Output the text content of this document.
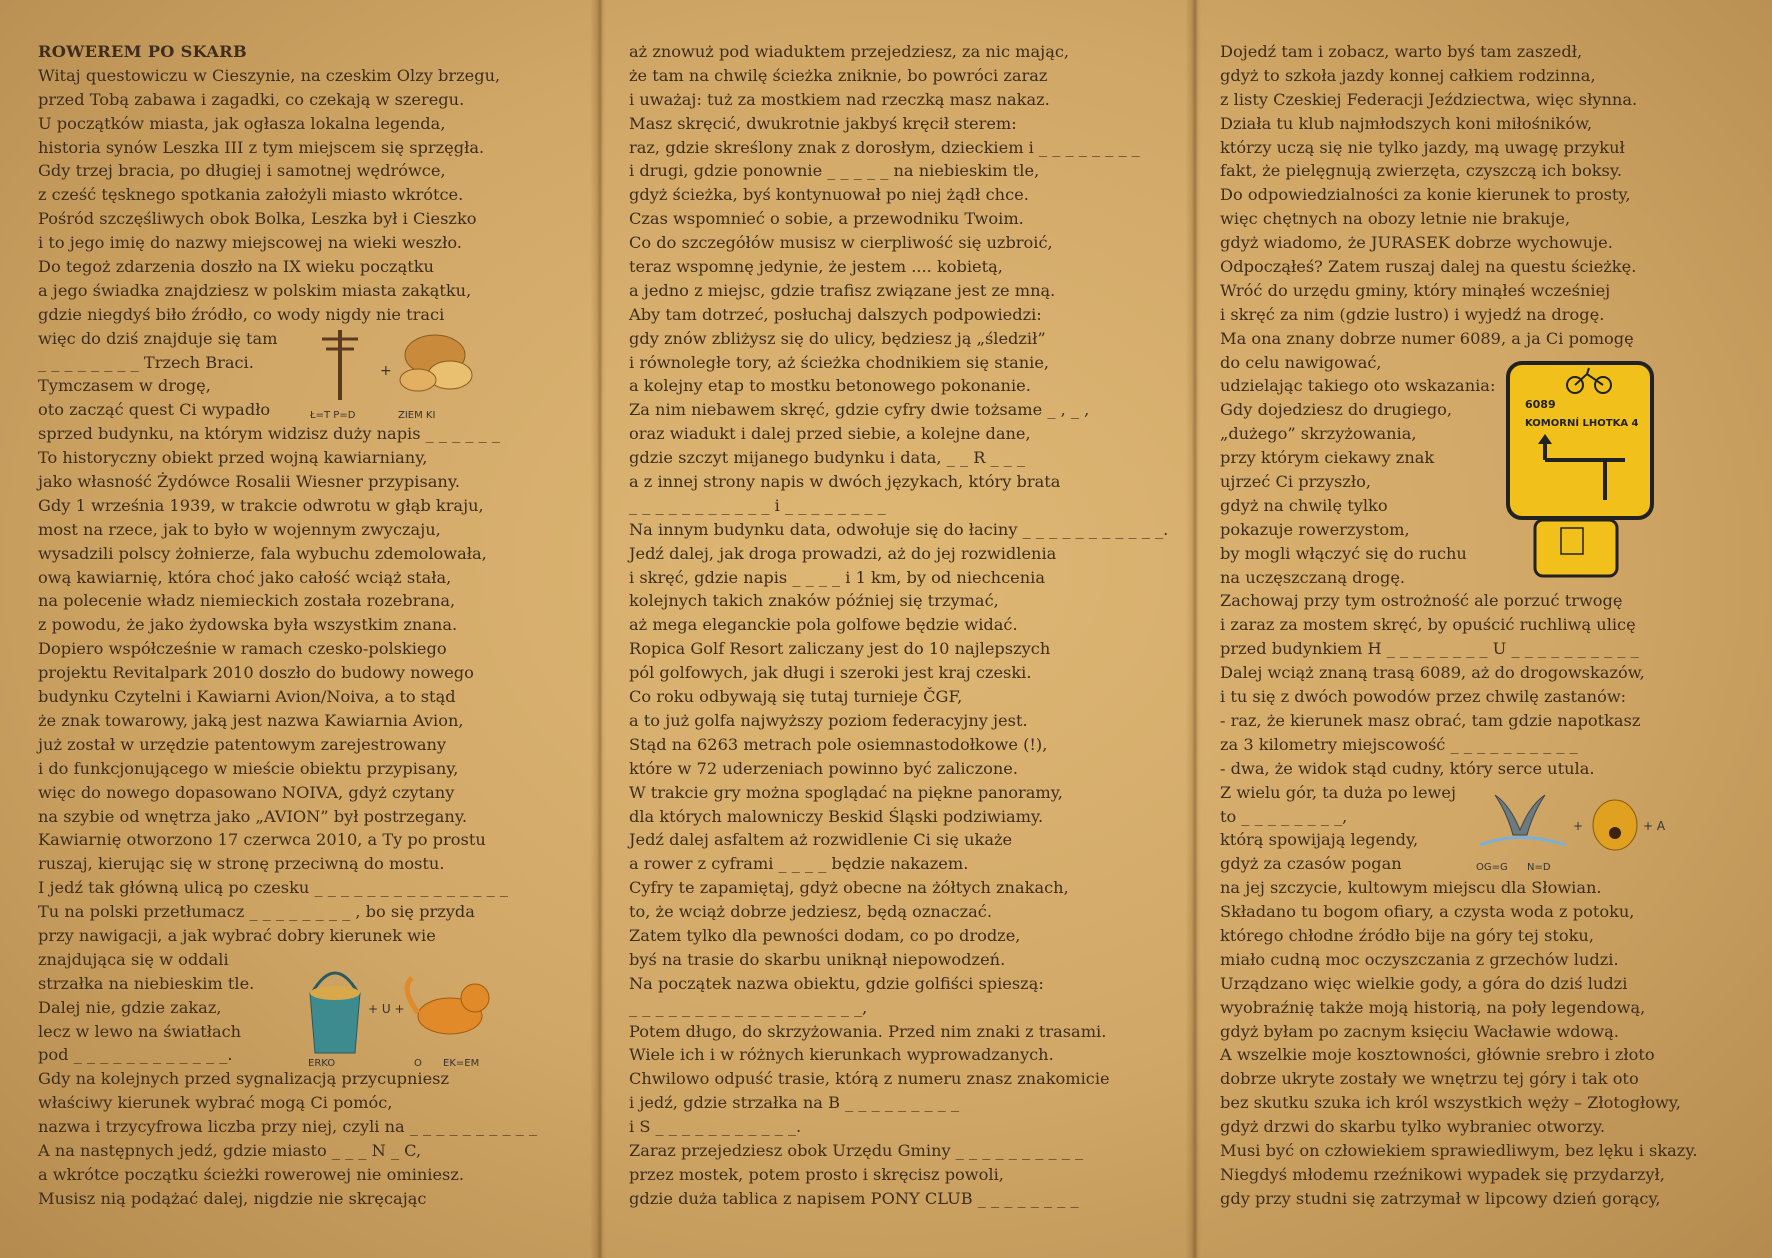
ROWEREM PO SKARB
Witaj questowiczu w Cieszynie, na czeskim Olzy brzegu,
przed Tobą zabawa i zagadki, co czekają w szeregu.
U początków miasta, jak ogłasza lokalna legenda,
historia synów Leszka III z tym miejscem się sprzęgła.
Gdy trzej bracia, po długiej i samotnej wędrówce,
z cześć tęsknego spotkania założyli miasto wkrótce.
Pośród szczęśliwych obok Bolka, Leszka był i Cieszko
i to jego imię do nazwy miejscowej na wieki weszło.
Do tegoż zdarzenia doszło na IX wieku początku
a jego świadka znajdziesz w polskim miasta zakątku,
gdzie niegdyś biło źródło, co wody nigdy nie traci
więc do dziś znajduje się tam
_ _ _ _ _ _ _ _ Trzech Braci.
Tymczasem w drogę,
oto zacząć quest Ci wypadło
sprzed budynku, na którym widzisz duży napis _ _ _ _ _ _
To historyczny obiekt przed wojną kawiarniany,
jako własność Żydówce Rosalii Wiesner przypisany.
Gdy 1 września 1939, w trakcie odwrotu w głąb kraju,
most na rzece, jak to było w wojennym zwyczaju,
wysadzili polscy żołnierze, fala wybuchu zdemolowała,
ową kawiarnię, która choć jako całość wciąż stała,
na polecenie władz niemieckich została rozebrana,
z powodu, że jako żydowska była wszystkim znana.
Dopiero współcześnie w ramach czesko-polskiego
projektu Revitalpark 2010 doszło do budowy nowego
budynku Czytelni i Kawiarni Avion/Noiva, a to stąd
że znak towarowy, jaką jest nazwa Kawiarnia Avion,
już został w urzędzie patentowym zarejestrowany
i do funkcjonującego w mieście obiektu przypisany,
więc do nowego dopasowano NOIVA, gdyż czytany
na szybie od wnętrza jako „AVION” był postrzegany.
Kawiarnię otworzono 17 czerwca 2010, a Ty po prostu
ruszaj, kierując się w stronę przeciwną do mostu.
I jedź tak główną ulicą po czesku _ _ _ _ _ _ _ _ _ _ _ _ _ _ _
Tu na polski przetłumacz _ _ _ _ _ _ _ _ , bo się przyda
przy nawigacji, a jak wybrać dobry kierunek wie
znajdująca się w oddali
strzałka na niebieskim tle.
Dalej nie, gdzie zakaz,
lecz w lewo na światłach
pod _ _ _ _ _ _ _ _ _ _ _ _.
Gdy na kolejnych przed sygnalizacją przycupniesz
właściwy kierunek wybrać mogą Ci pomóc,
nazwa i trzycyfrowa liczba przy niej, czyli na _ _ _ _ _ _ _ _ _ _
A na następnych jedź, gdzie miasto _ _ _ N _ C,
a wkrótce początku ścieżki rowerowej nie ominiesz.
Musisz nią podążać dalej, nigdzie nie skręcając
aż znowuż pod wiaduktem przejedziesz, za nic mając,
że tam na chwilę ścieżka zniknie, bo powróci zaraz
i uważaj: tuż za mostkiem nad rzeczką masz nakaz.
Masz skręcić, dwukrotnie jakbyś kręcił sterem:
raz, gdzie skreślony znak z dorosłym, dzieckiem i _ _ _ _ _ _ _ _
i drugi, gdzie ponownie _ _ _ _ _ na niebieskim tle,
gdyż ścieżka, byś kontynuował po niej żądł chce.
Czas wspomnieć o sobie, a przewodniku Twoim.
Co do szczegółów musisz w cierpliwość się uzbroić,
teraz wspomnę jedynie, że jestem .... kobietą,
a jedno z miejsc, gdzie trafisz związane jest ze mną.
Aby tam dotrzeć, posłuchaj dalszych podpowiedzi:
gdy znów zbliżysz się do ulicy, będziesz ją „śledził”
i równoległe tory, aż ścieżka chodnikiem się stanie,
a kolejny etap to mostku betonowego pokonanie.
Za nim niebawem skręć, gdzie cyfry dwie tożsame _ , _ ,
oraz wiadukt i dalej przed siebie, a kolejne dane,
gdzie szczyt mijanego budynku i data, _ _ R _ _ _
a z innej strony napis w dwóch językach, który brata
_ _ _ _ _ _ _ _ _ _ _ i _ _ _ _ _ _ _ _
Na innym budynku data, odwołuje się do łaciny _ _ _ _ _ _ _ _ _ _ _.
Jedź dalej, jak droga prowadzi, aż do jej rozwidlenia
i skręć, gdzie napis _ _ _ _ i 1 km, by od niechcenia
kolejnych takich znaków później się trzymać,
aż mega eleganckie pola golfowe będzie widać.
Ropica Golf Resort zaliczany jest do 10 najlepszych
pól golfowych, jak długi i szeroki jest kraj czeski.
Co roku odbywają się tutaj turnieje ČGF,
a to już golfa najwyższy poziom federacyjny jest.
Stąd na 6263 metrach pole osiemnastodołkowe (!),
które w 72 uderzeniach powinno być zaliczone.
W trakcie gry można spoglądać na piękne panoramy,
dla których malowniczy Beskid Śląski podziwiamy.
Jedź dalej asfaltem aż rozwidlenie Ci się ukaże
a rower z cyframi _ _ _ _ będzie nakazem.
Cyfry te zapamiętaj, gdyż obecne na żółtych znakach,
to, że wciąż dobrze jedziesz, będą oznaczać.
Zatem tylko dla pewności dodam, co po drodze,
byś na trasie do skarbu uniknął niepowodzeń.
Na początek nazwa obiektu, gdzie golfiści spieszą:
_ _ _ _ _ _ _ _ _ _ _ _ _ _ _ _ _ _,
Potem długo, do skrzyżowania. Przed nim znaki z trasami.
Wiele ich i w różnych kierunkach wyprowadzanych.
Chwilowo odpuść trasie, którą z numeru znasz znakomicie
i jedź, gdzie strzałka na B _ _ _ _ _ _ _ _ _
i S _ _ _ _ _ _ _ _ _ _ _.
Zaraz przejedziesz obok Urzędu Gminy _ _ _ _ _ _ _ _ _ _
przez mostek, potem prosto i skręcisz powoli,
gdzie duża tablica z napisem PONY CLUB _ _ _ _ _ _ _ _
Dojedź tam i zobacz, warto byś tam zaszedł,
gdyż to szkoła jazdy konnej całkiem rodzinna,
z listy Czeskiej Federacji Jeździectwa, więc słynna.
Działa tu klub najmłodszych koni miłośników,
którzy uczą się nie tylko jazdy, mą uwagę przykuł
fakt, że pielęgnują zwierzęta, czyszczą ich boksy.
Do odpowiedzialności za konie kierunek to prosty,
więc chętnych na obozy letnie nie brakuje,
gdyż wiadomo, że JURASEK dobrze wychowuje.
Odpocząłeś? Zatem ruszaj dalej na questu ścieżkę.
Wróć do urzędu gminy, który minąłeś wcześniej
i skręć za nim (gdzie lustro) i wyjedź na drogę.
Ma ona znany dobrze numer 6089, a ja Ci pomogę
do celu nawigować,
udzielając takiego oto wskazania:
Gdy dojedziesz do drugiego,
„dużego” skrzyżowania,
przy którym ciekawy znak
ujrzeć Ci przyszło,
gdyż na chwilę tylko
pokazuje rowerzystom,
by mogli włączyć się do ruchu
na uczęszczaną drogę.
Zachowaj przy tym ostrożność ale porzuć trwogę
i zaraz za mostem skręć, by opuścić ruchliwą ulicę
przed budynkiem H _ _ _ _ _ _ _ _ U _ _ _ _ _ _ _ _ _ _
Dalej wciąż znaną trasą 6089, aż do drogowskazów,
i tu się z dwóch powodów przez chwilę zastanów:
- raz, że kierunek masz obrać, tam gdzie napotkasz
za 3 kilometry miejscowość _ _ _ _ _ _ _ _ _ _
- dwa, że widok stąd cudny, który serce utula.
Z wielu gór, ta duża po lewej
to _ _ _ _ _ _ _ _,
którą spowijają legendy,
gdyż za czasów pogan
na jej szczycie, kultowym miejscu dla Słowian.
Składano tu bogom ofiary, a czysta woda z potoku,
którego chłodne źródło bije na góry tej stoku,
miało cudną moc oczyszczania z grzechów ludzi.
Urządzano więc wielkie gody, a góra do dziś ludzi
wyobraźnię także moją historią, na poły legendową,
gdyż byłam po zacnym księciu Wacławie wdową.
A wszelkie moje kosztowności, głównie srebro i złoto
dobrze ukryte zostały we wnętrzu tej góry i tak oto
bez skutku szuka ich król wszystkich węży – Złotogłowy,
gdyż drzwi do skarbu tylko wybraniec otworzy.
Musi być on człowiekiem sprawiedliwym, bez lęku i skazy.
Niegdyś młodemu rzeźnikowi wypadek się przydarzył,
gdy przy studni się zatrzymał w lipcowy dzień gorący,
+
Ł=T P=D	ZIEM KI
+ U +
ERKO	O EK=EM
6089
KOMORNÍ LHOTKA 4
+	+ A
OG=G N=D
